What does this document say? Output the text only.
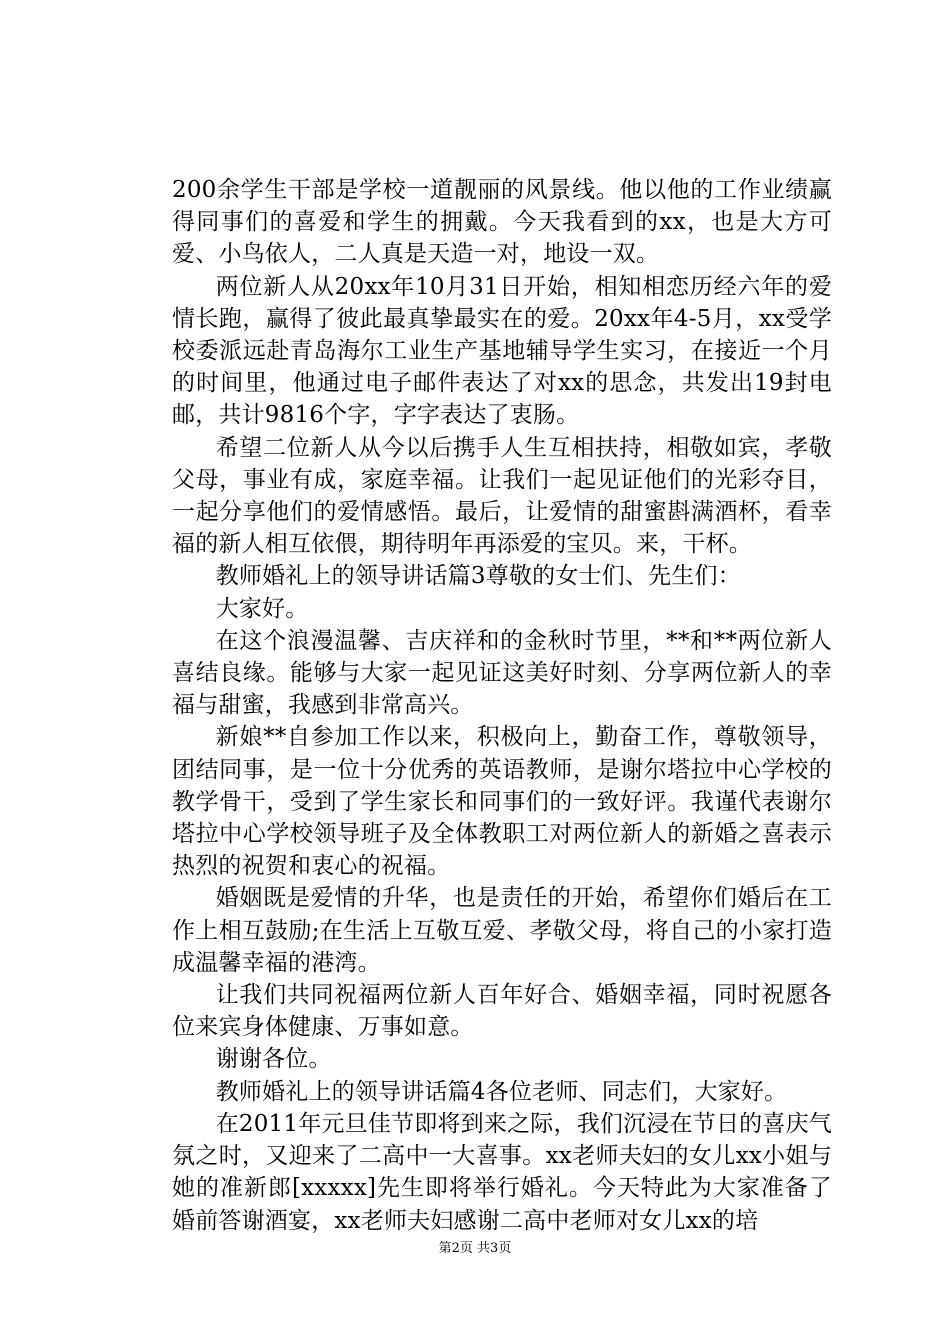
200余学生干部是学校一道靓丽的风景线。他以他的工作业绩赢得同事们的喜爱和学生的拥戴。今天我看到的xx，也是大方可爱、小鸟依人，二人真是天造一对，地设一双。

两位新人从20xx年10月31日开始，相知相恋历经六年的爱情长跑，赢得了彼此最真挚最实在的爱。20xx年4-5月，xx受学校委派远赴青岛海尔工业生产基地辅导学生实习，在接近一个月的时间里，他通过电子邮件表达了对xx的思念，共发出19封电邮，共计9816个字，字字表达了衷肠。

希望二位新人从今以后携手人生互相扶持，相敬如宾，孝敬父母，事业有成，家庭幸福。让我们一起见证他们的光彩夺目，一起分享他们的爱情感悟。最后，让爱情的甜蜜斟满酒杯，看幸福的新人相互依偎，期待明年再添爱的宝贝。来，干杯。

教师婚礼上的领导讲话篇3尊敬的女士们、先生们：

大家好。

在这个浪漫温馨、吉庆祥和的金秋时节里，**和**两位新人喜结良缘。能够与大家一起见证这美好时刻、分享两位新人的幸福与甜蜜，我感到非常高兴。

新娘**自参加工作以来，积极向上，勤奋工作，尊敬领导，团结同事，是一位十分优秀的英语教师，是谢尔塔拉中心学校的教学骨干，受到了学生家长和同事们的一致好评。我谨代表谢尔塔拉中心学校领导班子及全体教职工对两位新人的新婚之喜表示热烈的祝贺和衷心的祝福。

婚姻既是爱情的升华，也是责任的开始，希望你们婚后在工作上相互鼓励;在生活上互敬互爱、孝敬父母，将自己的小家打造成温馨幸福的港湾。

让我们共同祝福两位新人百年好合、婚姻幸福，同时祝愿各位来宾身体健康、万事如意。

谢谢各位。

教师婚礼上的领导讲话篇4各位老师、同志们，大家好。

在2011年元旦佳节即将到来之际，我们沉浸在节日的喜庆气氛之时，又迎来了二高中一大喜事。xx老师夫妇的女儿xx小姐与她的准新郎[xxxxx]先生即将举行婚礼。今天特此为大家准备了婚前答谢酒宴，xx老师夫妇感谢二高中老师对女儿xx的培

第2页 共3页
